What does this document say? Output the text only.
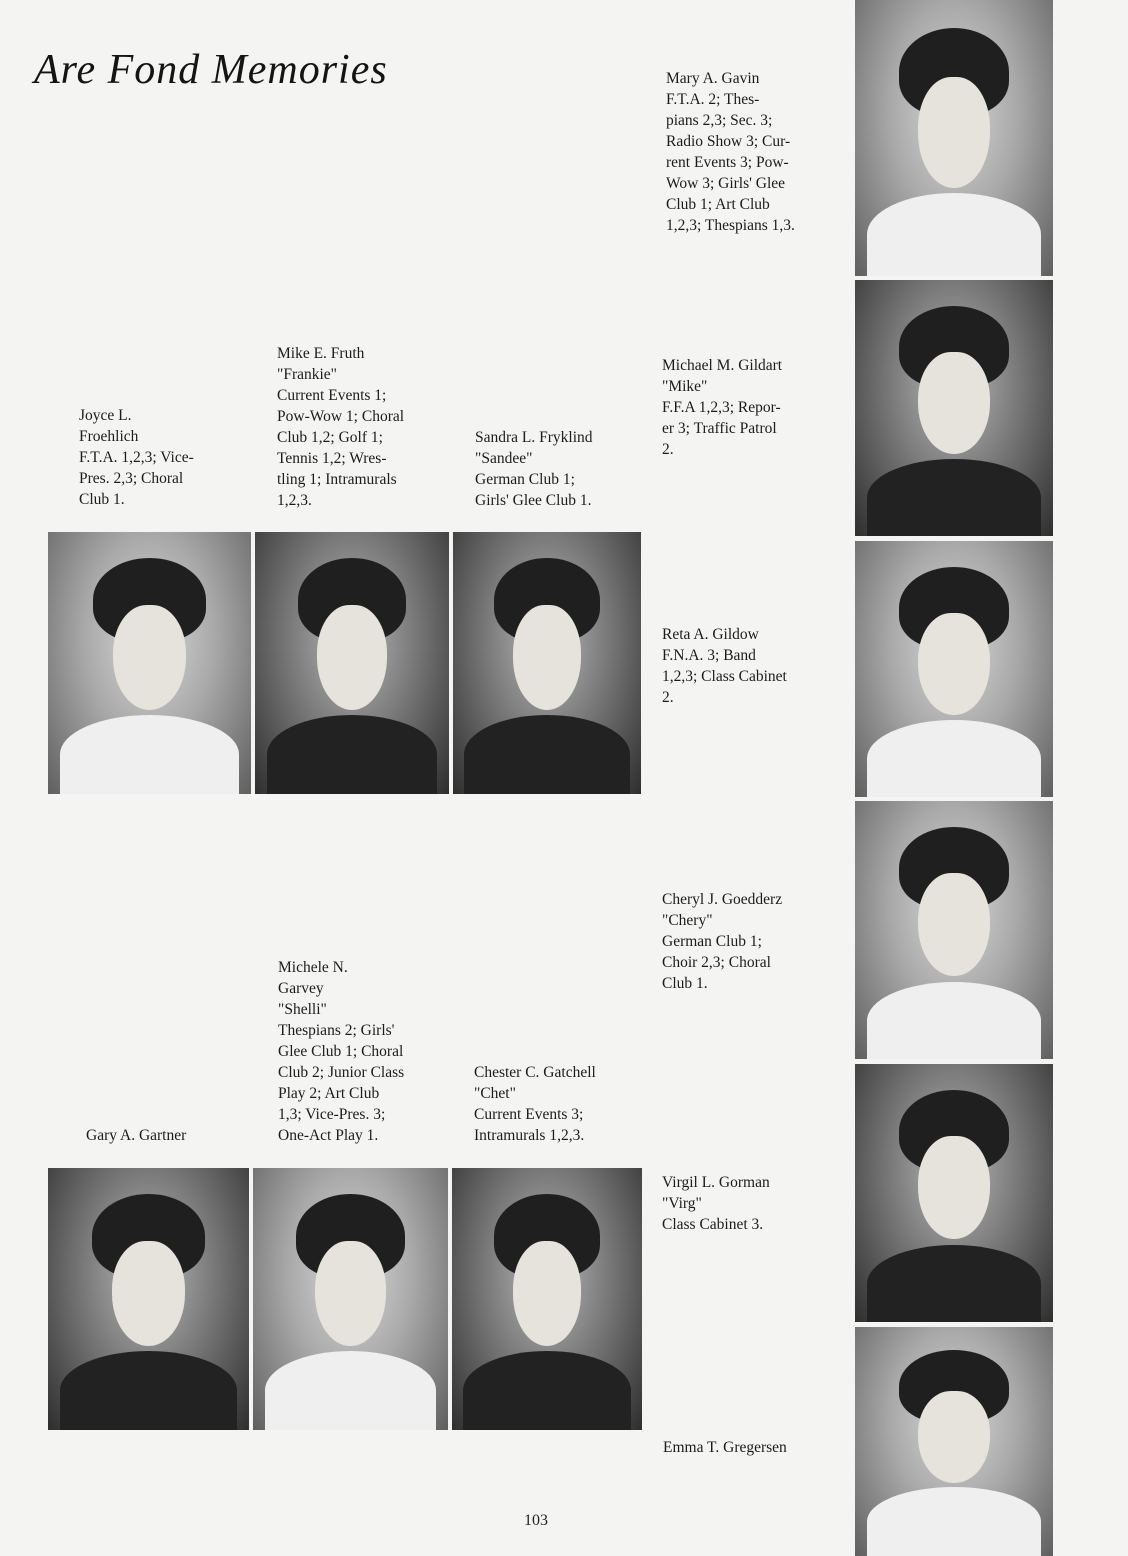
Are Fond Memories	Mary A. Gavin
F.T.A. 2; Thes-
pians 2,3; Sec. 3;
Radio Show 3; Cur-
rent Events 3; Pow-
Wow 3; Girls' Glee
Club 1; Art Club
1,2,3; Thespians 1,3.
Michael M. Gildart
"Mike"
F.F.A 1,2,3; Repor-
er 3; Traffic Patrol
2.
Joyce L.
Froehlich
F.T.A. 1,2,3; Vice-
Pres. 2,3; Choral
Club 1.
Mike E. Fruth
"Frankie"
Current Events 1;
Pow-Wow 1; Choral
Club 1,2; Golf 1;
Tennis 1,2; Wres-
tling 1; Intramurals
1,2,3.
Sandra L. Fryklind
"Sandee"
German Club 1;
Girls' Glee Club 1.
Reta A. Gildow
F.N.A. 3; Band
1,2,3; Class Cabinet
2.
Cheryl J. Goedderz
"Chery"
German Club 1;
Choir 2,3; Choral
Club 1.
Michele N.
Garvey
"Shelli"
Thespians 2; Girls'
Glee Club 1; Choral
Club 2; Junior Class
Play 2; Art Club
1,3; Vice-Pres. 3;
One-Act Play 1.
Gary A. Gartner
Chester C. Gatchell
"Chet"
Current Events 3;
Intramurals 1,2,3.
Virgil L. Gorman
"Virg"
Class Cabinet 3.
Emma T. Gregersen
103
